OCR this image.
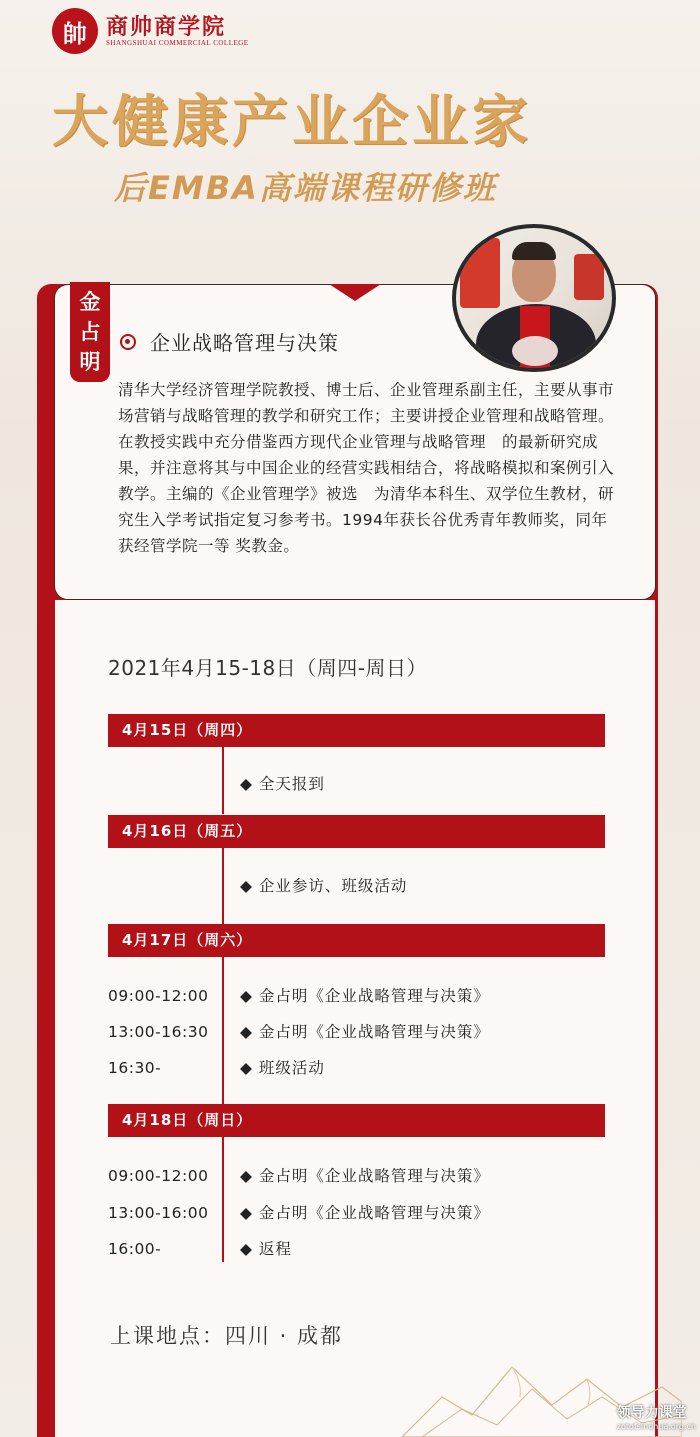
帥 商帅商学院
SHANGSHUAI COMMERCIAL COLLEGE
大健康产业企业家
后EMBA高端课程研修班
金
占
明
企业战略管理与决策
清华大学经济管理学院教授、博士后、企业管理系副主任，主要从事市场营销与战略管理的教学和研究工作；主要讲授企业管理和战略管理。在教授实践中充分借鉴西方现代企业管理与战略管理　的最新研究成果，并注意将其与中国企业的经营实践相结合，将战略模拟和案例引入教学。主编的《企业管理学》被选　为清华本科生、双学位生教材，研究生入学考试指定复习参考书。1994年获长谷优秀青年教师奖，同年获经管学院一等 奖教金。
2021年4月15-18日（周四-周日）
4月15日（周四）
◆ 全天报到
4月16日（周五）
◆ 企业参访、班级活动
4月17日（周六）
09:00-12:00 ◆ 金占明《企业战略管理与决策》
13:00-16:30 ◆ 金占明《企业战略管理与决策》
16:30-	◆ 班级活动
4月18日（周日）
09:00-12:00 ◆ 金占明《企业战略管理与决策》
13:00-16:00 ◆ 金占明《企业战略管理与决策》
16:00-	◆ 返程
上课地点：四川 · 成都
领导力课堂
zotofsindhua.org.cn
